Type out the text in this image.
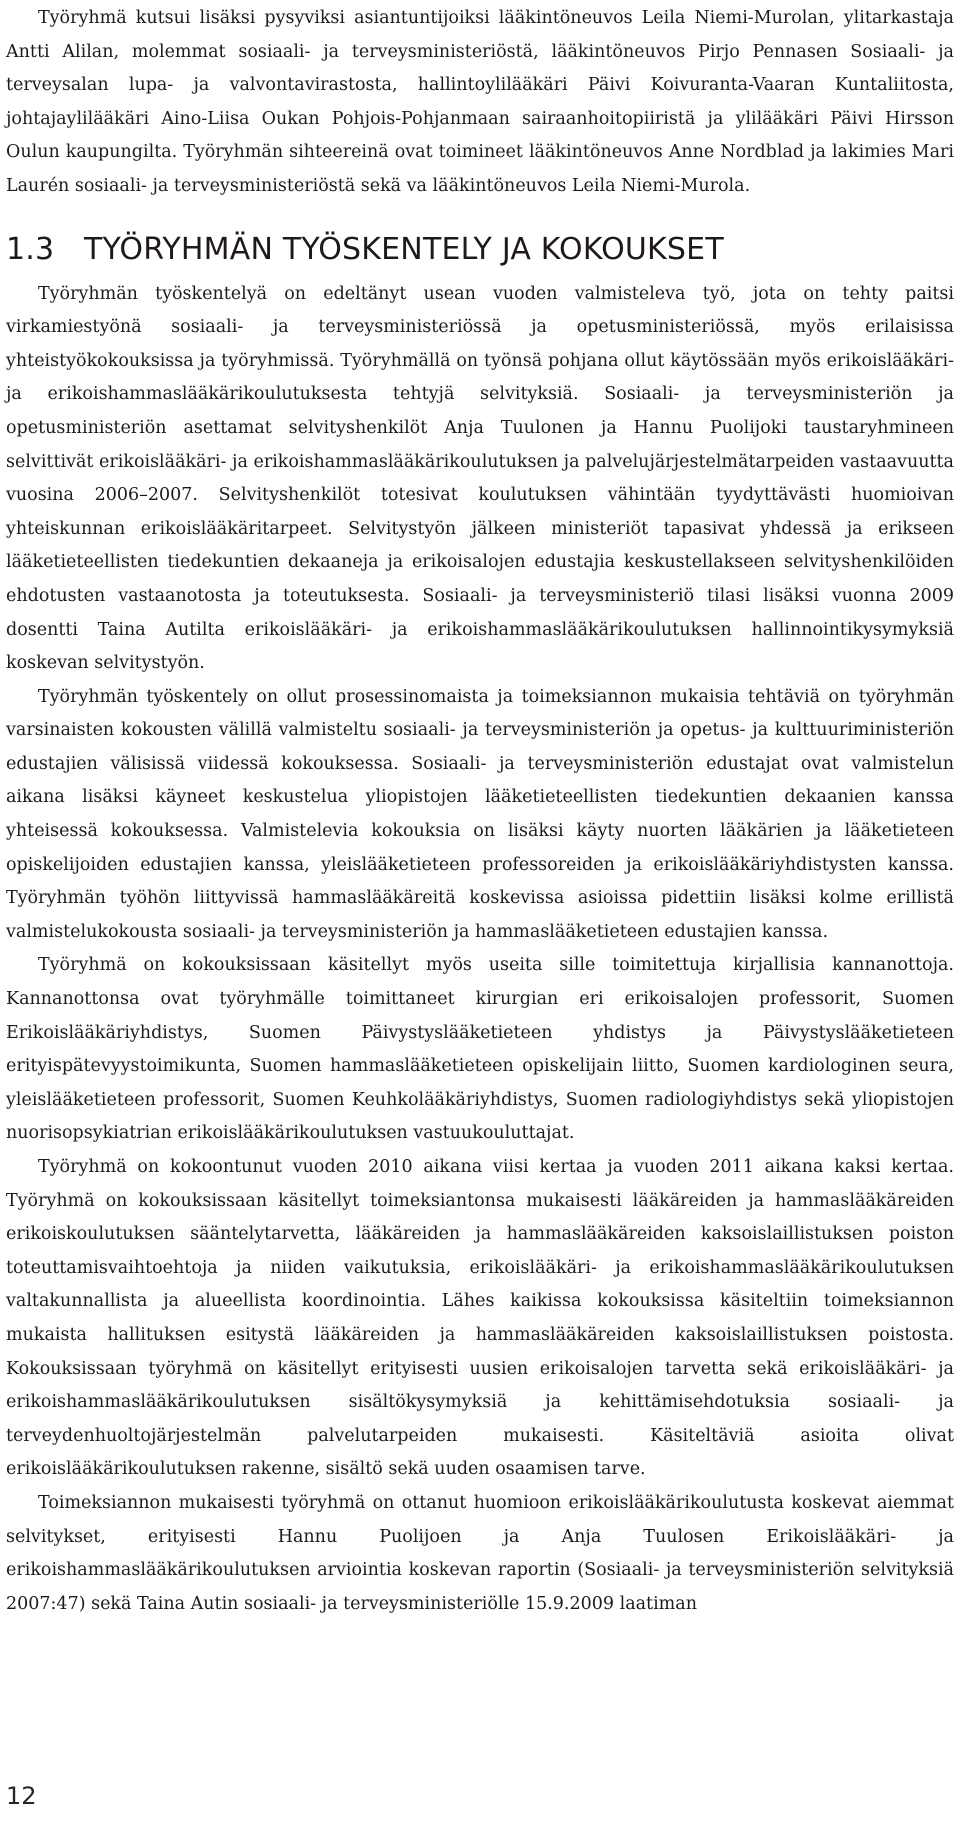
Työryhmä kutsui lisäksi pysyviksi asiantuntijoiksi lääkintöneuvos Leila Niemi-Murolan, ylitarkastaja Antti Alilan, molemmat sosiaali- ja terveysministeriöstä, lääkintöneuvos Pirjo Pennasen Sosiaali- ja terveysalan lupa- ja valvontavirastosta, hallintoylilääkäri Päivi Koivuranta-Vaaran Kuntaliitosta, johtajaylilääkäri Aino-Liisa Oukan Pohjois-Pohjanmaan sairaanhoitopiiristä ja ylilääkäri Päivi Hirsson Oulun kaupungilta. Työryhmän sihteereinä ovat toimineet lääkintöneuvos Anne Nordblad ja lakimies Mari Laurén sosiaali- ja terveysministeriöstä sekä va lääkintöneuvos Leila Niemi-Murola.

1.3 TYÖRYHMÄN TYÖSKENTELY JA KOKOUKSET

Työryhmän työskentelyä on edeltänyt usean vuoden valmisteleva työ, jota on tehty paitsi virkamiestyönä sosiaali- ja terveysministeriössä ja opetusministeriössä, myös erilaisissa yhteistyökokouksissa ja työryhmissä. Työryhmällä on työnsä pohjana ollut käytössään myös erikoislääkäri- ja erikoishammaslääkärikoulutuksesta tehtyjä selvityksiä. Sosiaali- ja terveysministeriön ja opetusministeriön asettamat selvityshenkilöt Anja Tuulonen ja Hannu Puolijoki taustaryhmineen selvittivät erikoislääkäri- ja erikoishammaslääkärikoulutuksen ja palvelujärjestelmätarpeiden vastaavuutta vuosina 2006–2007. Selvityshenkilöt totesivat koulutuksen vähintään tyydyttävästi huomioivan yhteiskunnan erikoislääkäritarpeet. Selvitystyön jälkeen ministeriöt tapasivat yhdessä ja erikseen lääketieteellisten tiedekuntien dekaaneja ja erikoisalojen edustajia keskustellakseen selvityshenkilöiden ehdotusten vastaanotosta ja toteutuksesta. Sosiaali- ja terveysministeriö tilasi lisäksi vuonna 2009 dosentti Taina Autilta erikoislääkäri- ja erikoishammaslääkärikoulutuksen hallinnointikysymyksiä koskevan selvitystyön.

Työryhmän työskentely on ollut prosessinomaista ja toimeksiannon mukaisia tehtäviä on työryhmän varsinaisten kokousten välillä valmisteltu sosiaali- ja terveysministeriön ja opetus- ja kulttuuriministeriön edustajien välisissä viidessä kokouksessa. Sosiaali- ja terveysministeriön edustajat ovat valmistelun aikana lisäksi käyneet keskustelua yliopistojen lääketieteellisten tiedekuntien dekaanien kanssa yhteisessä kokouksessa. Valmistelevia kokouksia on lisäksi käyty nuorten lääkärien ja lääketieteen opiskelijoiden edustajien kanssa, yleislääketieteen professoreiden ja erikoislääkäriyhdistysten kanssa. Työryhmän työhön liittyvissä hammaslääkäreitä koskevissa asioissa pidettiin lisäksi kolme erillistä valmistelukokousta sosiaali- ja terveysministeriön ja hammaslääketieteen edustajien kanssa.

Työryhmä on kokouksissaan käsitellyt myös useita sille toimitettuja kirjallisia kannanottoja. Kannanottonsa ovat työryhmälle toimittaneet kirurgian eri erikoisalojen professorit, Suomen Erikoislääkäriyhdistys, Suomen Päivystyslääketieteen yhdistys ja Päivystyslääketieteen erityispätevyystoimikunta, Suomen hammaslääketieteen opiskelijain liitto, Suomen kardiologinen seura, yleislääketieteen professorit, Suomen Keuhkolääkäriyhdistys, Suomen radiologiyhdistys sekä yliopistojen nuorisopsykiatrian erikoislääkärikoulutuksen vastuukouluttajat.

Työryhmä on kokoontunut vuoden 2010 aikana viisi kertaa ja vuoden 2011 aikana kaksi kertaa. Työryhmä on kokouksissaan käsitellyt toimeksiantonsa mukaisesti lääkäreiden ja hammaslääkäreiden erikoiskoulutuksen sääntelytarvetta, lääkäreiden ja hammaslääkäreiden kaksoislaillistuksen poiston toteuttamisvaihtoehtoja ja niiden vaikutuksia, erikoislääkäri- ja erikoishammaslääkärikoulutuksen valtakunnallista ja alueellista koordinointia. Lähes kaikissa kokouksissa käsiteltiin toimeksiannon mukaista hallituksen esitystä lääkäreiden ja hammaslääkäreiden kaksoislaillistuksen poistosta. Kokouksissaan työryhmä on käsitellyt erityisesti uusien erikoisalojen tarvetta sekä erikoislääkäri- ja erikoishammaslääkärikoulutuksen sisältökysymyksiä ja kehittämisehdotuksia sosiaali- ja terveydenhuoltojärjestelmän palvelutarpeiden mukaisesti. Käsiteltäviä asioita olivat erikoislääkärikoulutuksen rakenne, sisältö sekä uuden osaamisen tarve.

Toimeksiannon mukaisesti työryhmä on ottanut huomioon erikoislääkärikoulutusta koskevat aiemmat selvitykset, erityisesti Hannu Puolijoen ja Anja Tuulosen Erikoislääkäri- ja erikoishammaslääkärikoulutuksen arviointia koskevan raportin (Sosiaali- ja terveysministeriön selvityksiä 2007:47) sekä Taina Autin sosiaali- ja terveysministeriölle 15.9.2009 laatiman

12
